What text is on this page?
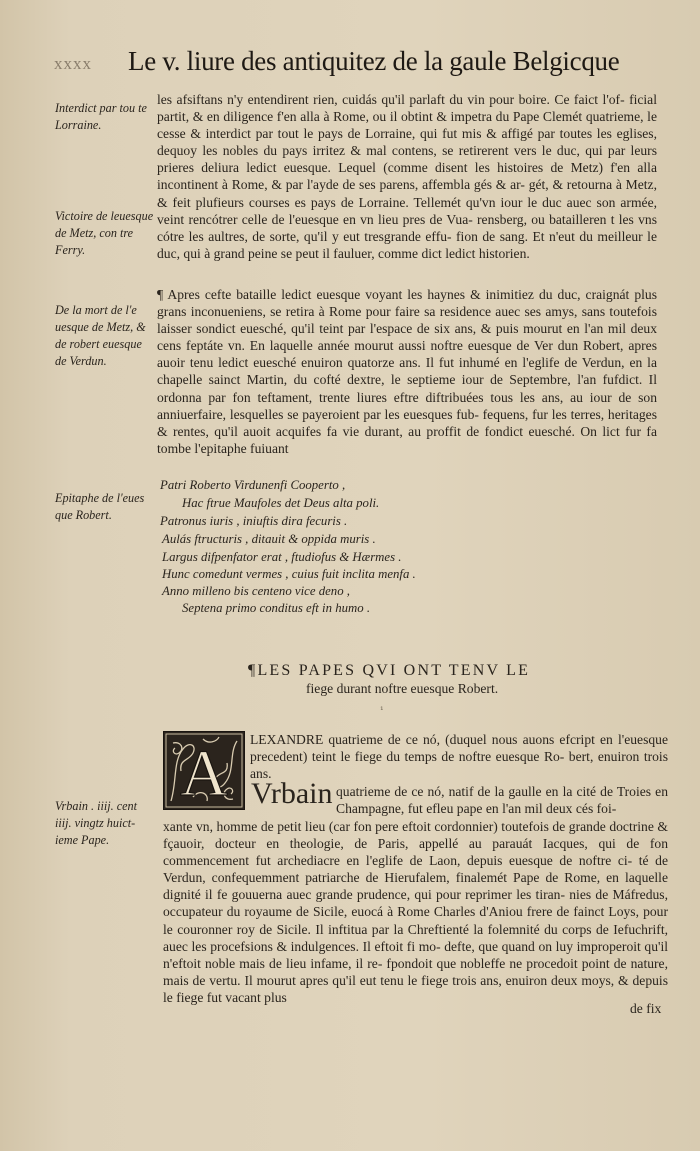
xxxx Le v. liure des antiquitez de la gaule Belgicque
Interdict par tou te Lorraine.
Victoire de leuesque de Metz, con tre Ferry.
De la mort de l'e uesque de Metz, & de robert euesque de Verdun.
Epitaphe de l'eues que Robert.
Vrbain . iiij. cent iiij. vingtz huict- ieme Pape.

les afsiftans n'y entendirent rien, cuidás qu'il parlaft du vin pour boire. Ce faict l'of- ficial partit, & en diligence f'en alla à Rome, ou il obtint & impetra du Pape Clemét quatrieme, le cesse & interdict par tout le pays de Lorraine, qui fut mis & affigé par toutes les eglises, dequoy les nobles du pays irritez & mal contens, se retirerent vers le duc, qui par leurs prieres deliura ledict euesque. Lequel (comme disent les histoires de Metz) f'en alla incontinent à Rome, & par l'ayde de ses parens, affembla gés & ar- gét, & retourna à Metz, & feit plufieurs courses es pays de Lorraine. Tellemét qu'vn iour le duc auec son armée, veint rencótrer celle de l'euesque en vn lieu pres de Vua- rensberg, ou batailleren t les vns cótre les aultres, de sorte, qu'il y eut tresgrande effu- fion de sang. Et n'eut du meilleur le duc, qui à grand peine se peut il fauluer, comme dict ledict historien.

¶ Apres cefte bataille ledict euesque voyant les haynes & inimitiez du duc, craignát plus grans inconueniens, se retira à Rome pour faire sa residence auec ses amys, sans toutefois laisser sondict euesché, qu'il teint par l'espace de six ans, & puis mourut en l'an mil deux cens feptáte vn. En laquelle année mourut aussi noftre euesque de Ver dun Robert, apres auoir tenu ledict euesché enuiron quatorze ans. Il fut inhumé en l'eglife de Verdun, en la chapelle sainct Martin, du cofté dextre, le septieme iour de Septembre, l'an fufdict. Il ordonna par fon teftament, trente liures eftre diftribuées tous les ans, au iour de son anniuerfaire, lesquelles se payeroient par les euesques fub- fequens, fur les terres, heritages & rentes, qu'il auoit acquifes fa vie durant, au proffit de fondict euesché. On lict fur fa tombe l'epitaphe fuiuant

Patri Roberto Virdunenfi Cooperto ,
Hac ftrue Maufoles det Deus alta poli.
Patronus iuris , iniuftis dira fecuris .
Aulás ftructuris , ditauit & oppida muris .
Largus difpenfator erat , ftudiofus & Hærmes .
Hunc comedunt vermes , cuius fuit inclita menfa .
Anno milleno bis centeno vice deno ,
Septena primo conditus eft in humo .
¶LES PAPES QVI ONT TENV LE
fiege durant noftre euesque Robert.
¹
A LEXANDRE quatrieme de ce nó, (duquel nous auons efcript en l'euesque precedent) teint le fiege du temps de noftre euesque Ro- bert, enuiron trois ans.
Vrbain quatrieme de ce nó, natif de la gaulle en la cité de Troies en Champagne, fut efleu pape en l'an mil deux cés foi-
xante vn, homme de petit lieu (car fon pere eftoit cordonnier) toutefois de grande doctrine & fçauoir, docteur en theologie, de Paris, appellé au parauát Iacques, qui de fon commencement fut archediacre en l'eglife de Laon, depuis euesque de noftre ci- té de Verdun, confequemment patriarche de Hierufalem, finalemét Pape de Rome, en laquelle dignité il fe gouuerna auec grande prudence, qui pour reprimer les tiran- nies de Máfredus, occupateur du royaume de Sicile, euocá à Rome Charles d'Aniou frere de fainct Loys, pour le couronner roy de Sicile. Il inftitua par la Chreftienté la folemnité du corps de Iefuchrift, auec les procefsions & indulgences. Il eftoit fi mo- defte, que quand on luy improperoit qu'il n'eftoit noble mais de lieu infame, il re- fpondoit que nobleffe ne procedoit point de nature, mais de vertu. Il mourut apres qu'il eut tenu le fiege trois ans, enuiron deux moys, & depuis le fiege fut vacant plus
de fix
